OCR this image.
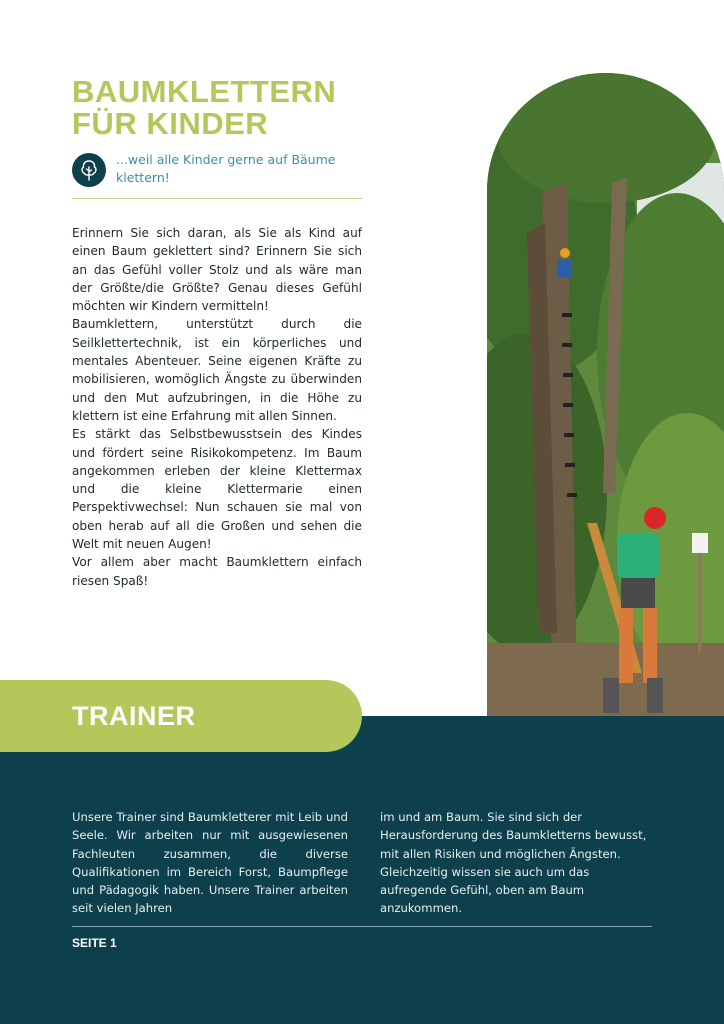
BAUMKLETTERN
FÜR KINDER
...weil alle Kinder gerne auf Bäume
klettern!

Erinnern Sie sich daran, als Sie als Kind auf einen Baum geklettert sind? Erinnern Sie sich an das Gefühl voller Stolz und als wäre man der Größte/die Größte? Genau dieses Gefühl möchten wir Kindern vermitteln!

Baumklettern, unterstützt durch die Seilklettertechnik, ist ein körperliches und mentales Abenteuer. Seine eigenen Kräfte zu mobilisieren, womöglich Ängste zu überwinden und den Mut aufzubringen, in die Höhe zu klettern ist eine Erfahrung mit allen Sinnen.

Es stärkt das Selbstbewusstsein des Kindes und fördert seine Risikokompetenz. Im Baum angekommen erleben der kleine Klettermax und die kleine Klettermarie einen Perspektivwechsel: Nun schauen sie mal von oben herab auf all die Großen und sehen die Welt mit neuen Augen!

Vor allem aber macht Baumklettern einfach riesen Spaß!

TRAINER
Unsere Trainer sind Baumkletterer mit Leib und Seele. Wir arbeiten nur mit ausgewiesenen Fachleuten zusammen, die diverse Qualifikationen im Bereich Forst, Baumpflege und Pädagogik haben. Unsere Trainer arbeiten seit vielen Jahren
im und am Baum. Sie sind sich der Herausforderung des Baumkletterns bewusst, mit allen Risiken und möglichen Ängsten. Gleichzeitig wissen sie auch um das aufregende Gefühl, oben am Baum anzukommen.
SEITE 1
